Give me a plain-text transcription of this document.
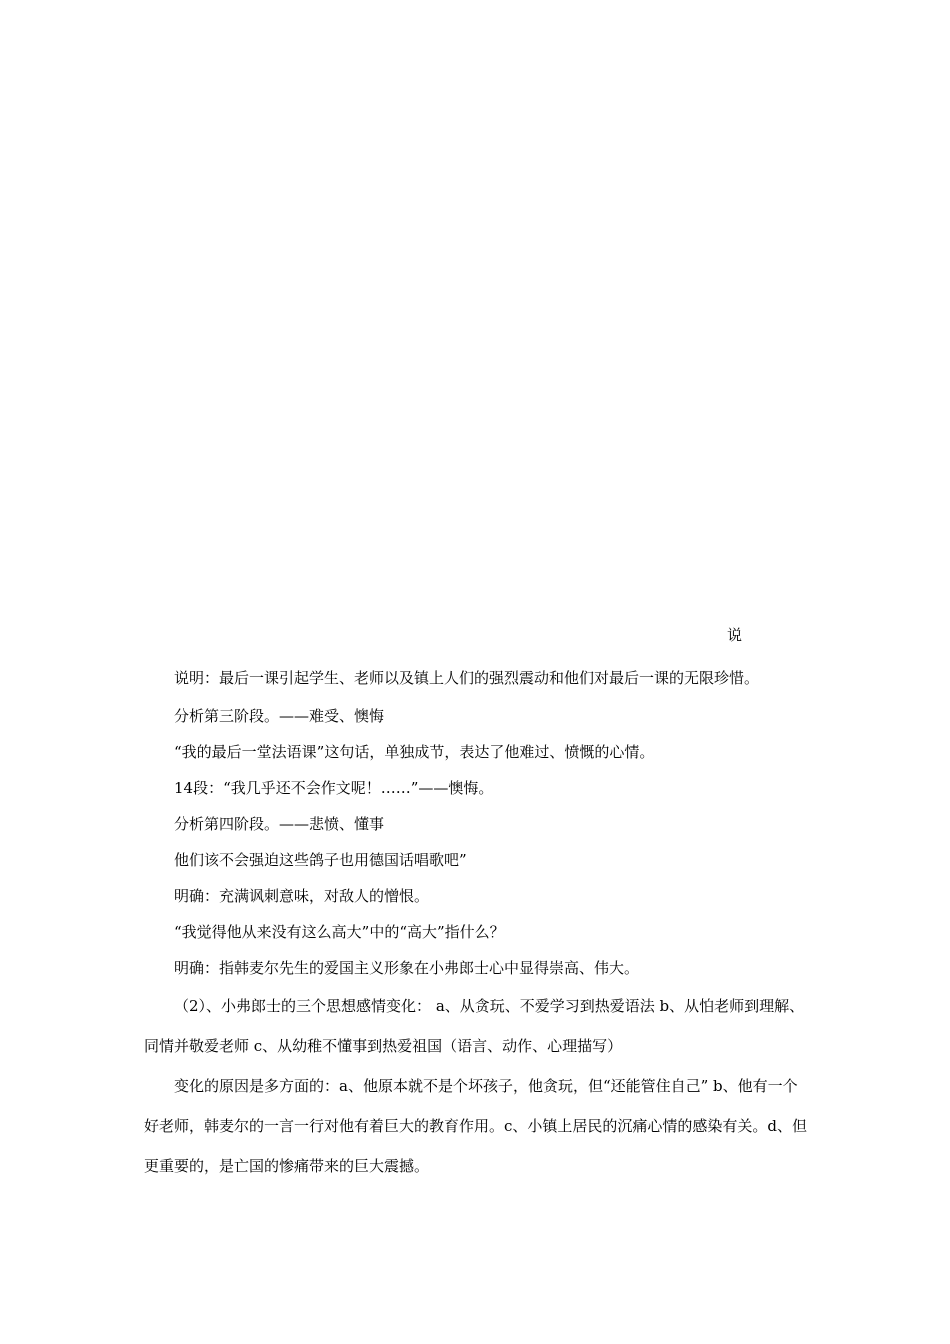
说

说明：最后一课引起学生、老师以及镇上人们的强烈震动和他们对最后一课的无限珍惜。

分析第三阶段。——难受、懊悔

“我的最后一堂法语课”这句话，单独成节，表达了他难过、愤慨的心情。

14段：“我几乎还不会作文呢！……”——懊悔。

分析第四阶段。——悲愤、懂事

他们该不会强迫这些鸽子也用德国话唱歌吧”

明确：充满讽刺意味，对敌人的憎恨。

“我觉得他从来没有这么高大”中的“高大”指什么？

明确：指韩麦尔先生的爱国主义形象在小弗郎士心中显得崇高、伟大。

（2）、小弗郎士的三个思想感情变化： a、从贪玩、不爱学习到热爱语法 b、从怕老师到理解、同情并敬爱老师 c、从幼稚不懂事到热爱祖国（语言、动作、心理描写）

变化的原因是多方面的：a、他原本就不是个坏孩子，他贪玩，但“还能管住自己” b、他有一个好老师，韩麦尔的一言一行对他有着巨大的教育作用。c、小镇上居民的沉痛心情的感染有关。d、但更重要的，是亡国的惨痛带来的巨大震撼。
